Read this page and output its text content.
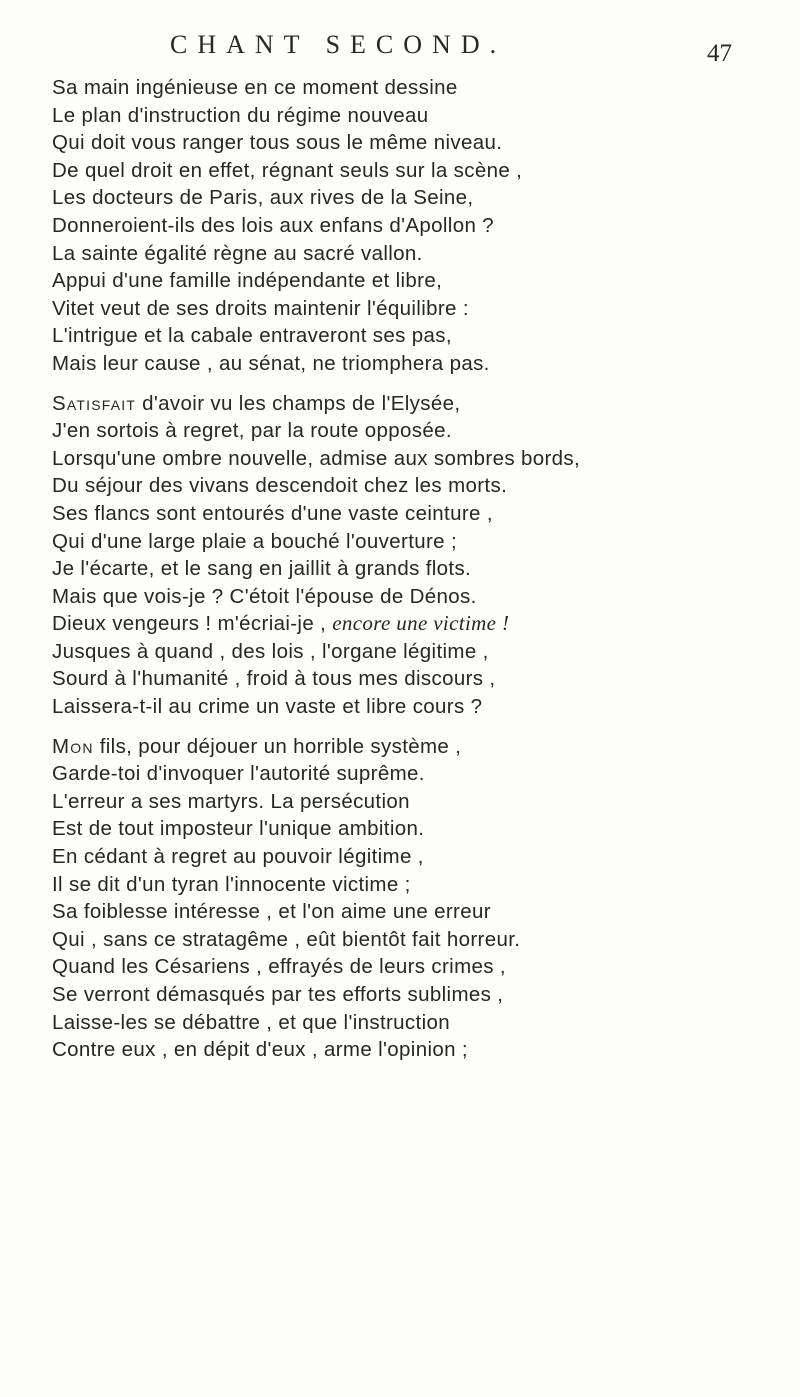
CHANT SECOND.	47
Sa main ingénieuse en ce moment dessine
Le plan d'instruction du régime nouveau
Qui doit vous ranger tous sous le même niveau.
De quel droit en effet, régnant seuls sur la scène ,
Les docteurs de Paris, aux rives de la Seine,
Donneroient-ils des lois aux enfans d'Apollon ?
La sainte égalité règne au sacré vallon.
Appui d'une famille indépendante et libre,
Vitet veut de ses droits maintenir l'équilibre :
L'intrigue et la cabale entraveront ses pas,
Mais leur cause , au sénat, ne triomphera pas.
Satisfait d'avoir vu les champs de l'Elysée,
J'en sortois à regret, par la route opposée.
Lorsqu'une ombre nouvelle, admise aux sombres bords,
Du séjour des vivans descendoit chez les morts.
Ses flancs sont entourés d'une vaste ceinture ,
Qui d'une large plaie a bouché l'ouverture ;
Je l'écarte, et le sang en jaillit à grands flots.
Mais que vois-je ? C'étoit l'épouse de Dénos.
Dieux vengeurs ! m'écriai-je , encore une victime !
Jusques à quand , des lois , l'organe légitime ,
Sourd à l'humanité , froid à tous mes discours ,
Laissera-t-il au crime un vaste et libre cours ?
Mon fils, pour déjouer un horrible système ,
Garde-toi d'invoquer l'autorité suprême.
L'erreur a ses martyrs. La persécution
Est de tout imposteur l'unique ambition.
En cédant à regret au pouvoir légitime ,
Il se dit d'un tyran l'innocente victime ;
Sa foiblesse intéresse , et l'on aime une erreur
Qui , sans ce stratagême , eût bientôt fait horreur.
Quand les Césariens , effrayés de leurs crimes ,
Se verront démasqués par tes efforts sublimes ,
Laisse-les se débattre , et que l'instruction
Contre eux , en dépit d'eux , arme l'opinion ;
